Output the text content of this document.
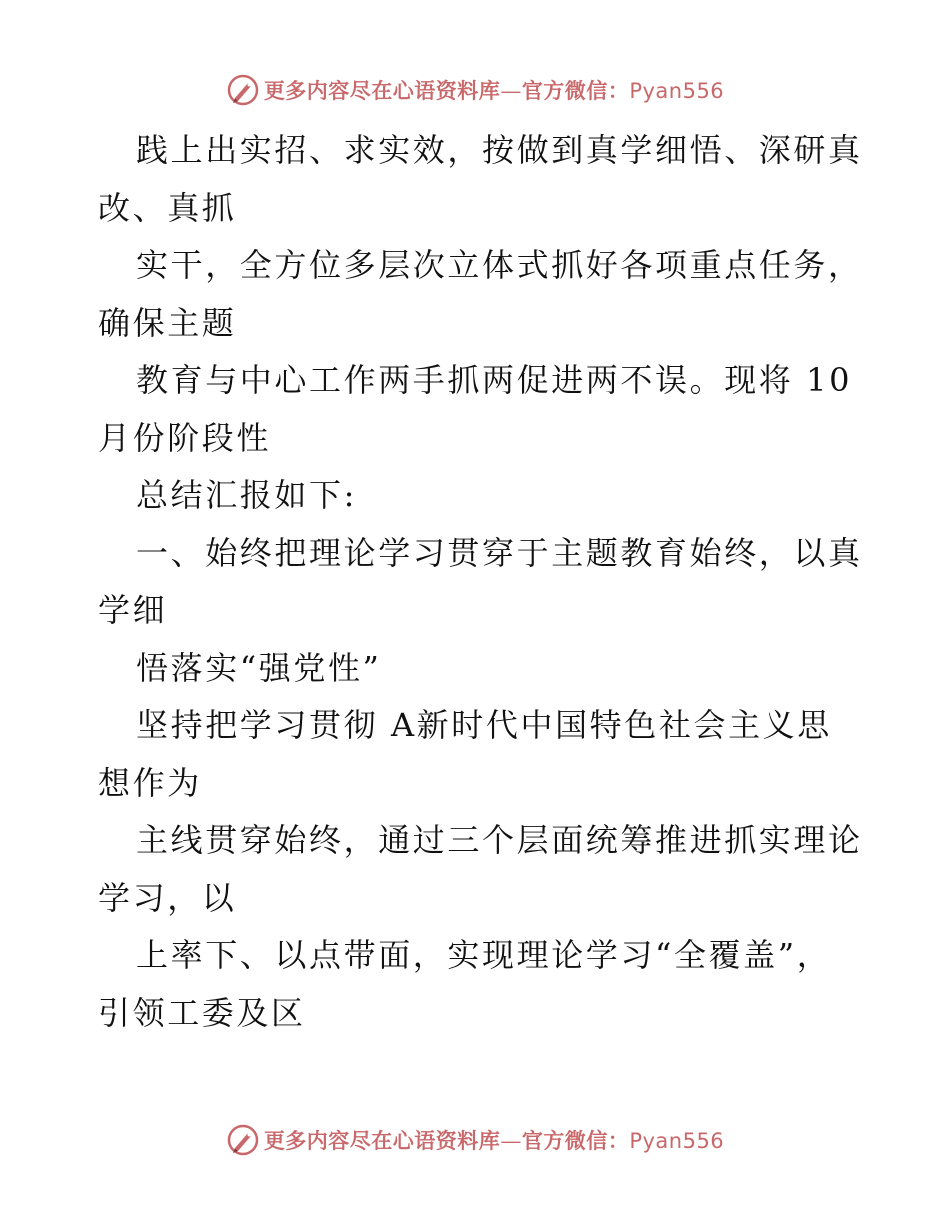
更多内容尽在心语资料库—官方微信：Pyan556
践上出实招、求实效，按做到真学细悟、深研真
改、真抓
实干，全方位多层次立体式抓好各项重点任务，
确保主题
教育与中心工作两手抓两促进两不误。现将 10
月份阶段性
总结汇报如下:
一、始终把理论学习贯穿于主题教育始终，以真
学细
悟落实“强党性”
坚持把学习贯彻 A新时代中国特色社会主义思
想作为
主线贯穿始终，通过三个层面统筹推进抓实理论
学习，以
上率下、以点带面，实现理论学习“全覆盖”，
引领工委及区
更多内容尽在心语资料库—官方微信：Pyan556
